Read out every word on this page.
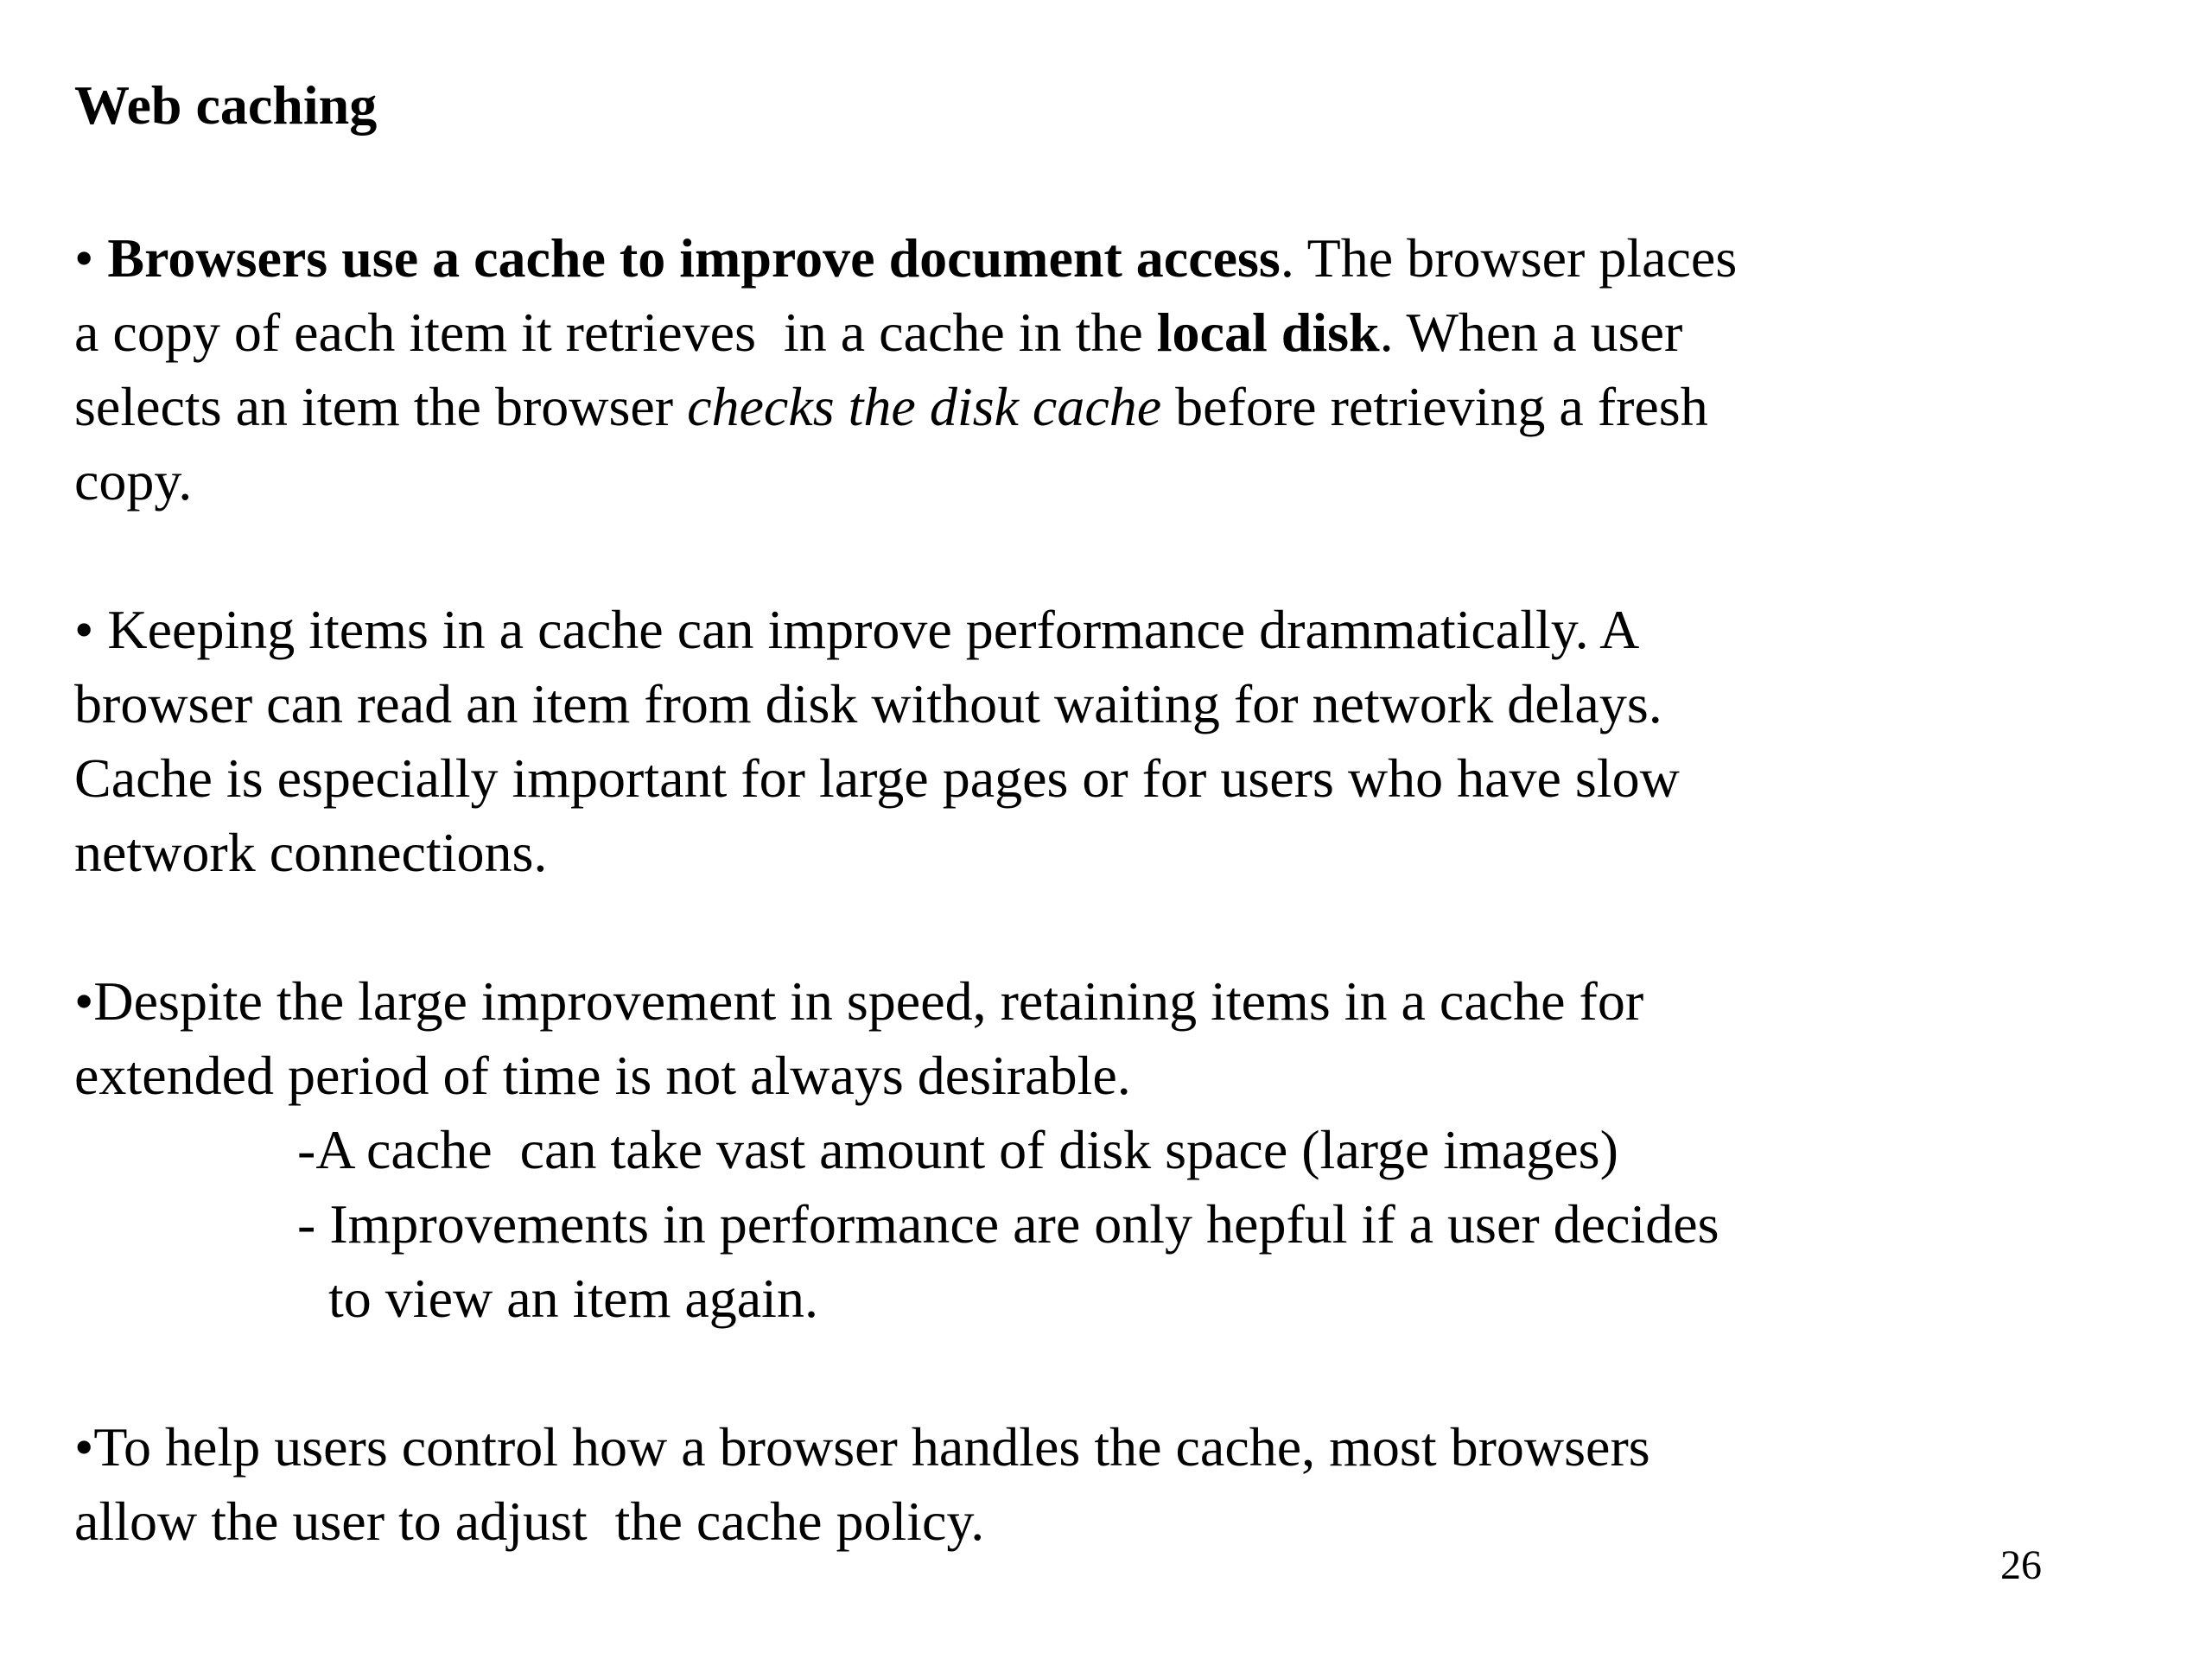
Web caching
• Browsers use a cache to improve document access. The browser places
a copy of each item it retrieves  in a cache in the local disk. When a user
selects an item the browser checks the disk cache before retrieving a fresh
copy.
• Keeping items in a cache can improve performance drammatically. A
browser can read an item from disk without waiting for network delays.
Cache is especially important for large pages or for users who have slow
network connections.
•Despite the large improvement in speed, retaining items in a cache for
extended period of time is not always desirable.
-A cache  can take vast amount of disk space (large images)
- Improvements in performance are only hepful if a user decides
to view an item again.
•To help users control how a browser handles the cache, most browsers
allow the user to adjust  the cache policy.
26
